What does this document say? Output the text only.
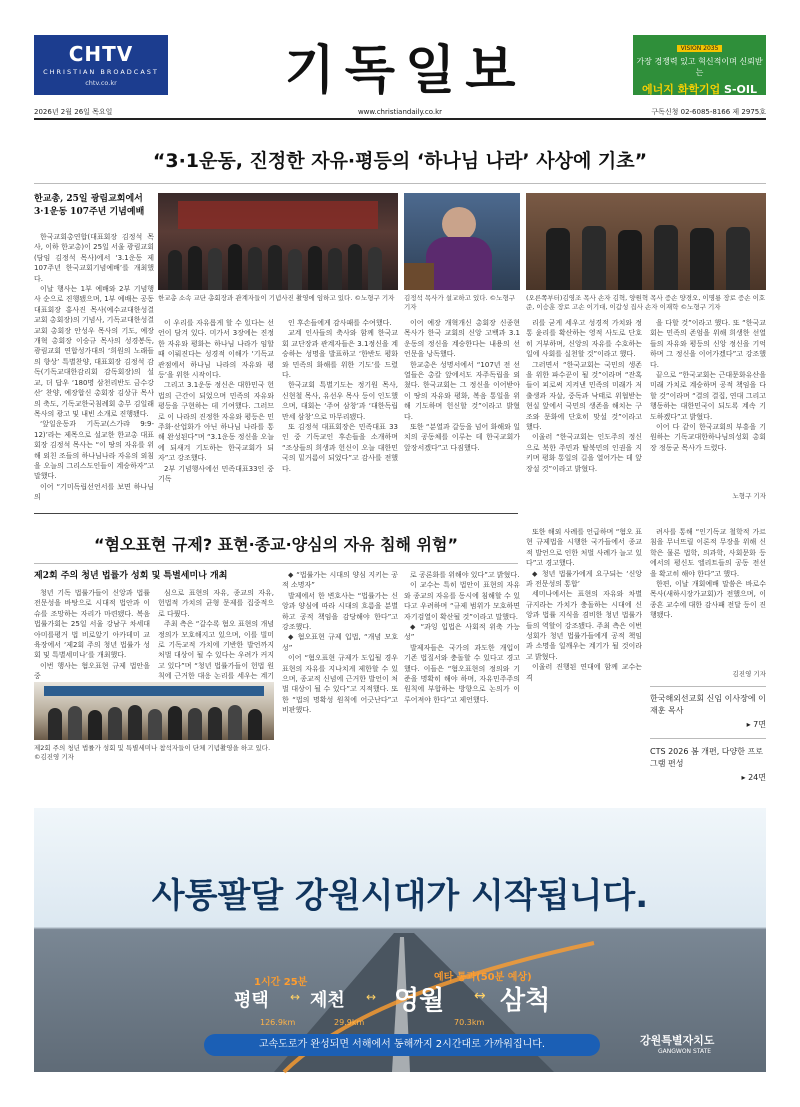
CHTV
CHRISTIAN BROADCAST
chtv.co.kr	기독일보	VISION 2035
가장 경쟁력 있고 혁신적이며 신뢰받는
에너지 화학기업 S-OIL
2026년 2월 26일 목요일	www.christiandaily.co.kr	구독신청 02-6085-8166 제 2975호
“3·1운동, 진정한 자유·평등의 ‘하나님 나라’ 사상에 기초”
한교총, 25일 광림교회에서
3·1운동 107주년 기념예배
한교총 소속 교단 총회장과 관계자들이 기념사진 촬영에 임하고 있다. ©노형구 기자	김정석 목사가 설교하고 있다. ©노형구 기자
(오른쪽부터)김영조 목사 손자 김혁, 양원혁 목사 증손 양경오, 이명룡 장로 증손 이호준, 이승훈 장로 고손 이기대, 이갑성 집사 손자 이재학 ©노형구 기자

한국교회총연합(대표회장 김정석 목사, 이하 한교총)이 25일 서울 광림교회(담임 김정석 목사)에서 ‘3.1운동 제107주년 한국교회기념예배’를 개최했다.

이날 행사는 1부 예배와 2부 기념행사 순으로 진행됐으며, 1부 예배는 공동대표회장 홍사진 목사(예수교대한성결교회 총회장)의 기념사, 기독교대한성결교회 총회장 안성우 목사의 기도, 예장개혁 총회장 이승규 목사의 성경봉독, 광림교회 연합성가대의 ‘희원의 노래들의 향상’ 특별찬양, 대표회장 김정석 감독(기독교대한감리회 감독회장)의 설교, 더 답우 ‘180명 삼천리반도 금수강산’ 찬양, 예장합신 총회장 김상규 목사의 축도, 기독교한국침례회 총무 김일래 목사의 광고 및 내빈 소개로 진행됐다.

‘앞일운동과 기독교(스가랴 9:9-12)’라는 제목으로 설교한 한교총 대표회장 김정석 목사는 “이 땅의 자유를 위해 외친 조들의 하나님나라 자유의 외침을 오늘의 그리스도인들이 계승하자”고 말했다.

이어 “기미독립선언서를 보면 하나님의

이 우리를 자유롭게 할 수 있다는 선언이 담겨 있다. 미가서 3장에는 진정한 자유와 평화는 하나님 나라가 임할 때 이뤄진다는 성경적 이해가 ‘기독교 관점에서 하나님 나라의 자유와 평등’을 위한 시작이다.

그리고 3.1운동 정신은 대한민국 헌법의 근간이 되었으며 민족의 자유와 평등을 구현하는 데 기여했다. 그러므로 이 나라의 진정한 자유와 평등은 민주화·산업화가 아닌 하나님 나라를 통해 완성된다”며 “3.1운동 정신을 오늘에 되새겨 기도하는 한국교회가 되자”고 강조했다.

2부 기념행사에선 민족대표33인 중 기독

인 후손들에게 감사패를 수여했다.

교계 인사들의 축사와 함께 한국교회 교단장과 관계자들은 3.1정신을 계승하는 성명을 발표하고 ‘한반도 평화와 민족의 화해를 위한 기도’를 드렸다.

한국교회 특별기도는 정기원 목사, 신현철 목사, 유선우 목사 등이 인도했으며, 대회는 ‘주여 삼창’과 ‘대한독립 만세 삼창’으로 마무리됐다.

또 김정석 대표회장은 민족대표 33인 중 기독교인 후손들을 소개하며 “조상들의 희생과 헌신이 오늘 대한민국의 밑거름이 되었다”고 감사를 전했다.

이어 예장 개혁개신 총회장 신종현 목사가 한국 교회의 신앙 고백과 3.1운동의 정신을 계승한다는 내용의 선언문을 낭독했다.

한교총은 성명서에서 “107년 전 선열들은 총칼 앞에서도 자주독립을 외쳤다. 한국교회는 그 정신을 이어받아 이 땅의 자유와 평화, 복음 통일을 위해 기도하며 헌신할 것”이라고 밝혔다.

또한 “분열과 갈등을 넘어 화해와 일치의 공동체를 이루는 데 한국교회가 앞장서겠다”고 다짐했다.

리를 굳게 세우고 성경적 가치와 정통 윤리를 확산하는 영적 사도로 단호히 거부하며, 신앙의 자유를 수호하는 일에 사회를 실천할 것”이라고 했다.

그러면서 “한국교회는 국민의 생존을 위한 파수꾼이 될 것”이라며 “잔혹들이 피로써 지켜낸 민족의 미래가 저출생과 자살, 중독과 낙태로 위협받는 현실 앞에서 국민의 생존을 해치는 구조와 문화에 단호히 맞설 것”이라고 했다.

이울러 “한국교회는 인도주의 정신으로 북한 주민과 탈북민의 인권을 지키며 평화 통일의 길을 열어가는 데 앞장설 것”이라고 밝혔다.

을 다할 것”이라고 했다. 또 “한국교회는 민족의 존엄을 위해 희생한 선열들의 자유와 평등의 신앙 정신을 기억하며 그 정신을 이어가겠다”고 강조했다.

끝으로 “한국교회는 근대문화유산을 미래 가치로 계승하며 공적 책임을 다할 것”이라며 “결의 결집, 연대 그리고 행동하는 대한민국이 되도록 계속 기도하겠다”고 밝혔다.

이어 다 같이 한국교회의 부흥을 기원하는 기독교대한하나님의성회 총회장 정동균 목사가 드렸다.

노형구 기자
“혐오표현 규제? 표현·종교·양심의 자유 침해 위험”
제2회 주의 청년 법률가 성회 및 특별세미나 개최

청년 기독 법률가들이 신앙과 법률 전문성을 바탕으로 시대적 법안과 이슈를 조망하는 자리가 마련됐다. 복음법률가회는 25일 서울 강남구 차세대아미를평거 법 비로앞기 아카데미 교육장에서 ‘제2회 주의 청년 법률가 성회 및 특별세미나’를 개최했다.

이번 행사는 혐오표현 규제 법안을 중

심으로 표현의 자유, 종교의 자유, 헌법적 가치의 균형 문제를 집중적으로 다뤘다.

주최 측은 “갈수록 혐오 표현의 개념 정의가 모호해지고 있으며, 이를 빌미로 기독교적 가치에 기반한 발언까지 처벌 대상이 될 수 있다는 우려가 커지고 있다”며 “청년 법률가들이 헌법 원칙에 근거한 대응 논리를 세우는 계기

제2회 주의 청년 법률가 성회 및 특별세미나 참석자들이 단체 기념촬영을 하고 있다. ©김진영 기자

◆ “법률가는 시대의 양심 지키는 공적 소명자”

발제에서 한 변호사는 “법률가는 신앙과 양심에 따라 시대의 흐름을 분별하고 공적 책임을 감당해야 한다”고 강조했다.

◆ 혐오표현 규제 입법, “개념 모호성”

이어 “혐오표현 규제가 도입될 경우 표현의 자유를 지나치게 제한할 수 있으며, 종교적 신념에 근거한 발언이 처벌 대상이 될 수 있다”고 지적했다. 또한 “법의 명확성 원칙에 어긋난다”고 비판했다.

로 공론화를 위해야 있다”고 밝혔다.

이 교수는 특히 법안이 표현의 자유와 종교의 자유를 동시에 침해할 수 있다고 우려하며 “규제 범위가 모호하면 자기검열이 확산될 것”이라고 말했다.

◆ “과잉 입법은 사회적 위축 가능성”

발제자들은 국가의 과도한 개입이 기존 법질서와 충돌할 수 있다고 경고했다. 이들은 “혐오표현의 정의와 기준을 명확히 해야 하며, 자유민주주의 원칙에 부합하는 방향으로 논의가 이루어져야 한다”고 제언했다.

또한 해외 사례를 언급하며 “혐오 표현 규제법을 시행한 국가들에서 종교적 발언으로 인한 처벌 사례가 늘고 있다”고 경고했다.

◆ 청년 법률가에게 요구되는 ‘신앙과 전문성의 통합’

세미나에서는 표현의 자유와 차별 규지라는 가치가 충돌하는 시대에 신앙과 법률 지식을 겸비한 청년 법률가들의 역할이 강조됐다. 주최 측은 이번 성회가 청년 법률가들에게 공적 책임과 소명을 일깨우는 계기가 될 것이라고 밝혔다.

이울러 진행된 연대에 함께 교수는 격

려사를 통해 “인기독교 철학적 가르침을 무너뜨릴 이론적 무장을 위해 신학은 물론 법학, 의과학, 사회문화 등에서의 평신도 엘리트들의 공동 전선을 확고히 해야 한다”고 했다.

한편, 이날 개회예배 말씀은 바로수 목사(새하시장가교회)가 전했으며, 이종흔 교수에 대한 감사패 전달 등이 진행됐다.

김진영 기자
한국해외선교회 신임 이사장에 이재훈 목사
▸ 7면
CTS 2026 봄 개편, 다양한 프로그램 편성
▸ 24면
사통팔달 강원시대가 시작됩니다.
1시간 25분	예타 통과(50분 예상)
평택 ↔ 제천 ↔ 영월 ↔ 삼척
126.9km	29.9km	70.3km
고속도로가 완성되면 서해에서 동해까지 2시간대로 가까워집니다.	강원특별자치도
GANGWON STATE
